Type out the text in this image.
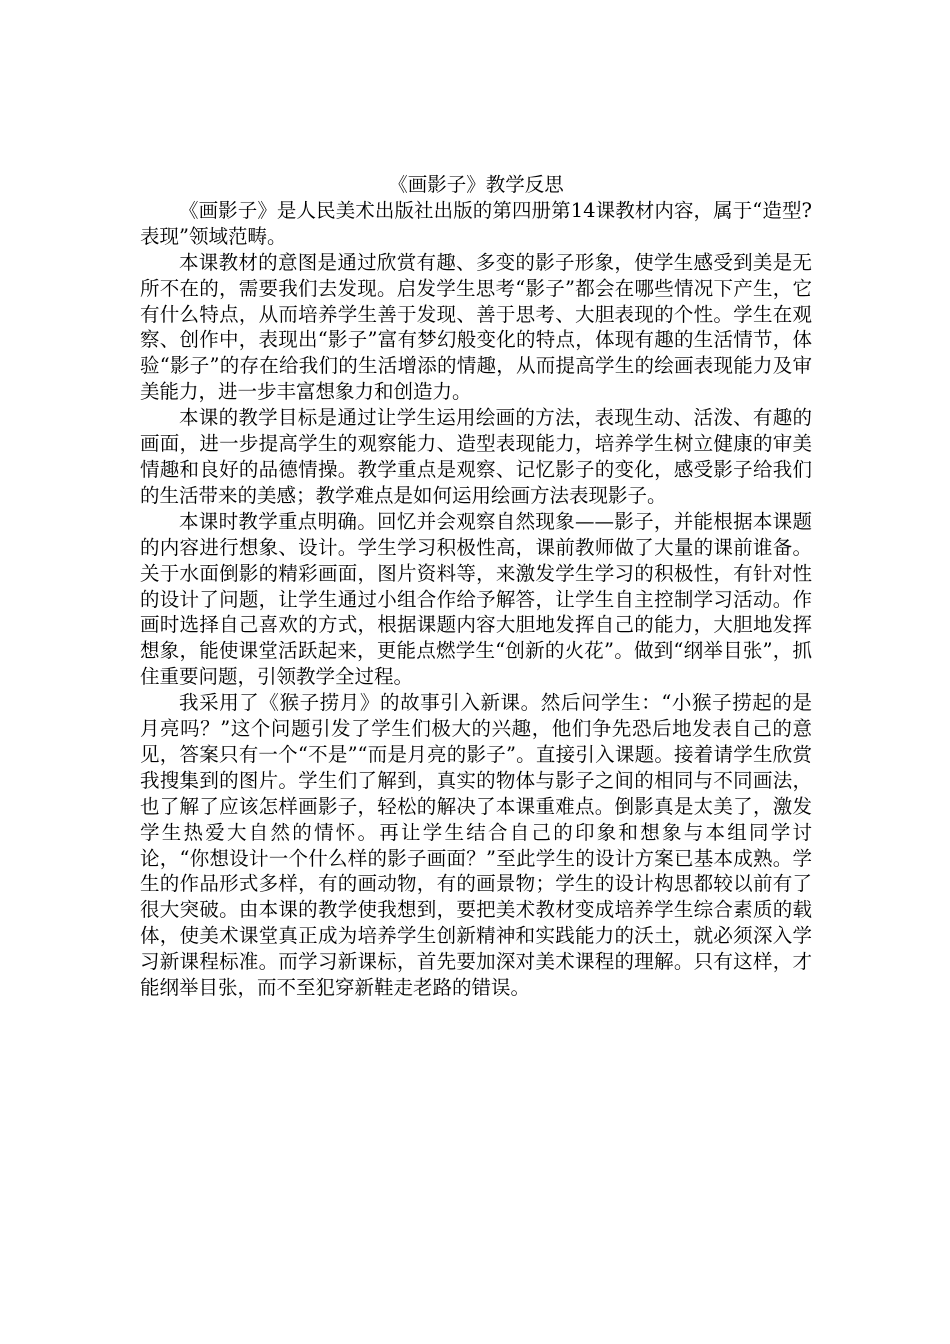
《画影子》教学反思

《画影子》是人民美术出版社出版的第四册第14课教材内容，属于“造型?表现”领域范畴。

本课教材的意图是通过欣赏有趣、多变的影子形象，使学生感受到美是无所不在的，需要我们去发现。启发学生思考“影子”都会在哪些情况下产生，它有什么特点，从而培养学生善于发现、善于思考、大胆表现的个性。学生在观察、创作中，表现出“影子”富有梦幻般变化的特点，体现有趣的生活情节，体验“影子”的存在给我们的生活增添的情趣，从而提高学生的绘画表现能力及审美能力，进一步丰富想象力和创造力。

本课的教学目标是通过让学生运用绘画的方法，表现生动、活泼、有趣的画面，进一步提高学生的观察能力、造型表现能力，培养学生树立健康的审美情趣和良好的品德情操。教学重点是观察、记忆影子的变化，感受影子给我们的生活带来的美感；教学难点是如何运用绘画方法表现影子。

本课时教学重点明确。回忆并会观察自然现象——影子，并能根据本课题的内容进行想象、设计。学生学习积极性高，课前教师做了大量的课前谁备。关于水面倒影的精彩画面，图片资料等，来激发学生学习的积极性，有针对性的设计了问题，让学生通过小组合作给予解答，让学生自主控制学习活动。作画时选择自己喜欢的方式，根据课题内容大胆地发挥自己的能力，大胆地发挥想象，能使课堂活跃起来，更能点燃学生“创新的火花”。做到“纲举目张”，抓住重要问题，引领教学全过程。

我采用了《猴子捞月》的故事引入新课。然后问学生：“小猴子捞起的是月亮吗？”这个问题引发了学生们极大的兴趣，他们争先恐后地发表自己的意见，答案只有一个“不是”“而是月亮的影子”。直接引入课题。接着请学生欣赏我搜集到的图片。学生们了解到，真实的物体与影子之间的相同与不同画法，也了解了应该怎样画影子，轻松的解决了本课重难点。倒影真是太美了，激发学生热爱大自然的情怀。再让学生结合自己的印象和想象与本组同学讨论，“你想设计一个什么样的影子画面？”至此学生的设计方案已基本成熟。学生的作品形式多样，有的画动物，有的画景物；学生的设计构思都较以前有了很大突破。由本课的教学使我想到，要把美术教材变成培养学生综合素质的载体，使美术课堂真正成为培养学生创新精神和实践能力的沃土，就必须深入学习新课程标准。而学习新课标，首先要加深对美术课程的理解。只有这样，才能纲举目张，而不至犯穿新鞋走老路的错误。
